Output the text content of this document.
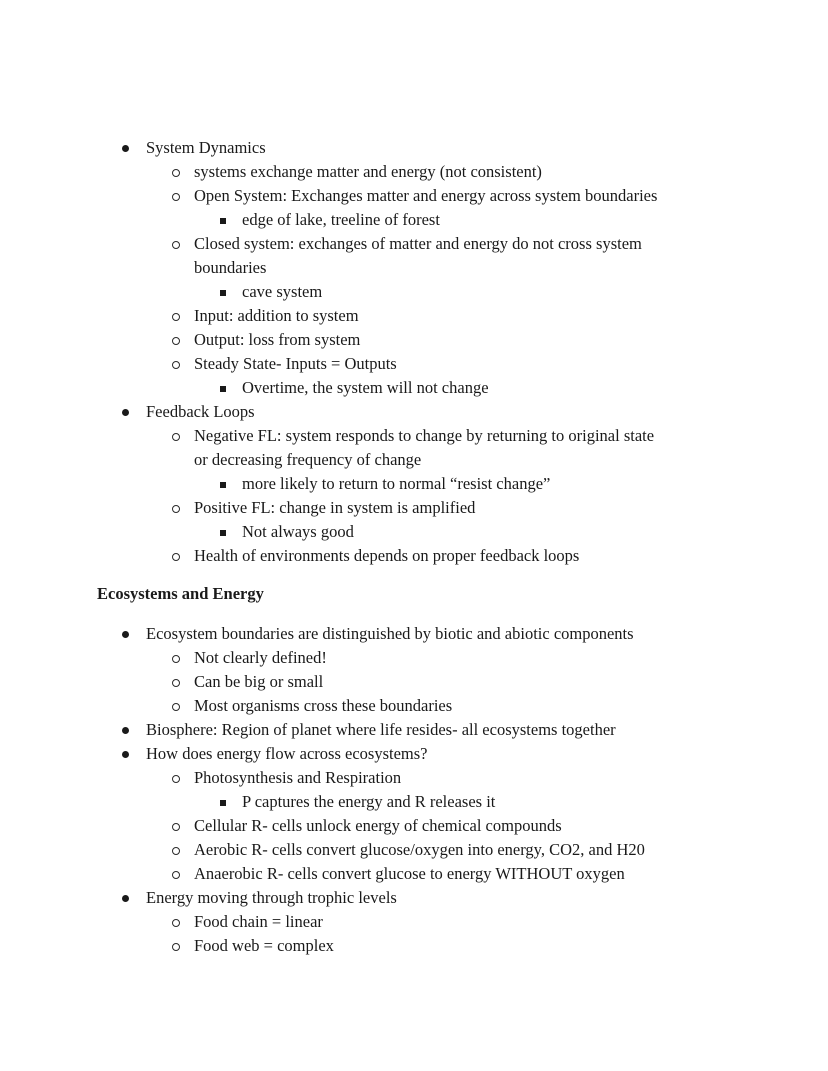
System Dynamics
systems exchange matter and energy (not consistent)
Open System: Exchanges matter and energy across system boundaries
edge of lake, treeline of forest
Closed system: exchanges of matter and energy do not cross system
boundaries
cave system
Input: addition to system
Output: loss from system
Steady State- Inputs = Outputs
Overtime, the system will not change
Feedback Loops
Negative FL: system responds to change by returning to original state
or decreasing frequency of change
more likely to return to normal “resist change”
Positive FL: change in system is amplified
Not always good
Health of environments depends on proper feedback loops
Ecosystems and Energy
Ecosystem boundaries are distinguished by biotic and abiotic components
Not clearly defined!
Can be big or small
Most organisms cross these boundaries
Biosphere: Region of planet where life resides- all ecosystems together
How does energy flow across ecosystems?
Photosynthesis and Respiration
P captures the energy and R releases it
Cellular R- cells unlock energy of chemical compounds
Aerobic R- cells convert glucose/oxygen into energy, CO2, and H20
Anaerobic R- cells convert glucose to energy WITHOUT oxygen
Energy moving through trophic levels
Food chain = linear
Food web = complex
